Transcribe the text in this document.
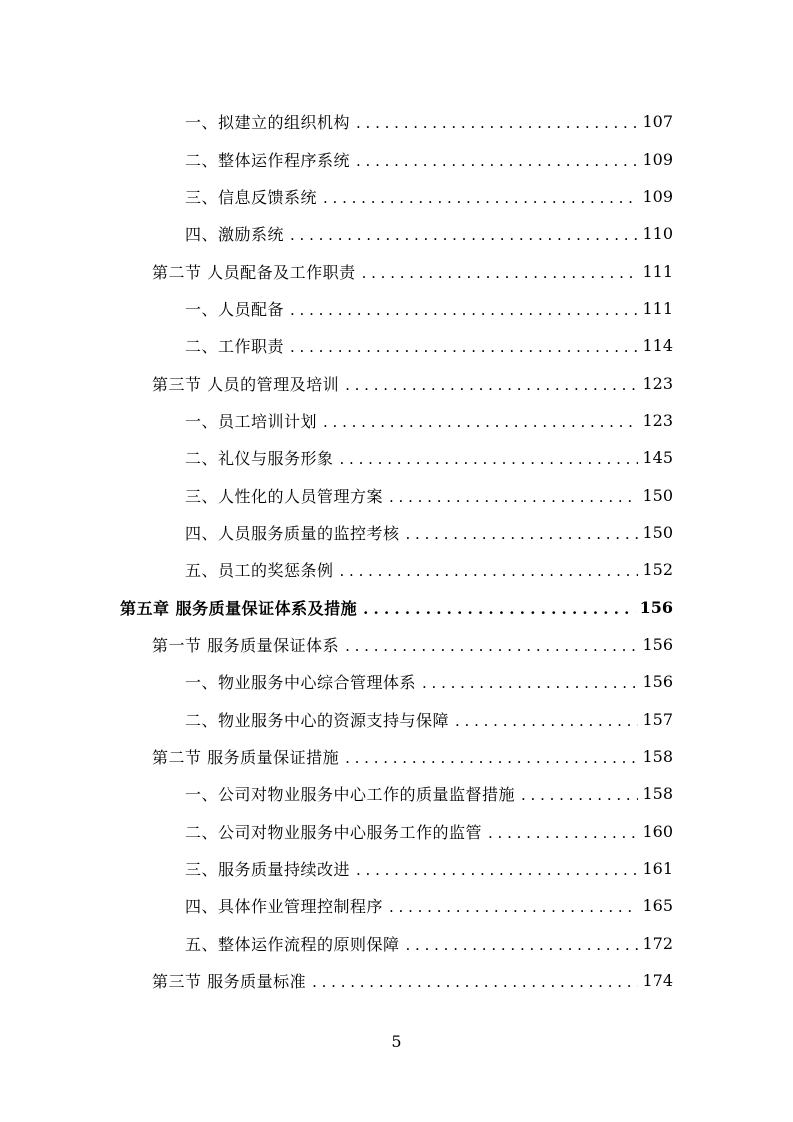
一、拟建立的组织机构 . . .	107
二、整体运作程序系统 . . .	109
三、信息反馈系统 . . .	109
四、激励系统 . . .	110
第二节 人员配备及工作职责 . . .	111
一、人员配备 . . .	111
二、工作职责 . . .	114
第三节 人员的管理及培训 . . .	123
一、员工培训计划 . . .	123
二、礼仪与服务形象 . . .	145
三、人性化的人员管理方案 . . .	150
四、人员服务质量的监控考核 . . .	150
五、员工的奖惩条例 . . .	152
第五章 服务质量保证体系及措施 . . .	156
第一节 服务质量保证体系 . . .	156
一、物业服务中心综合管理体系 . . .	156
二、物业服务中心的资源支持与保障 . . .	157
第二节 服务质量保证措施 . . .	158
一、公司对物业服务中心工作的质量监督措施 . . .	158
二、公司对物业服务中心服务工作的监管 . . .	160
三、服务质量持续改进 . . .	161
四、具体作业管理控制程序 . . .	165
五、整体运作流程的原则保障 . . .	172
第三节 服务质量标准 . . .	174
5
